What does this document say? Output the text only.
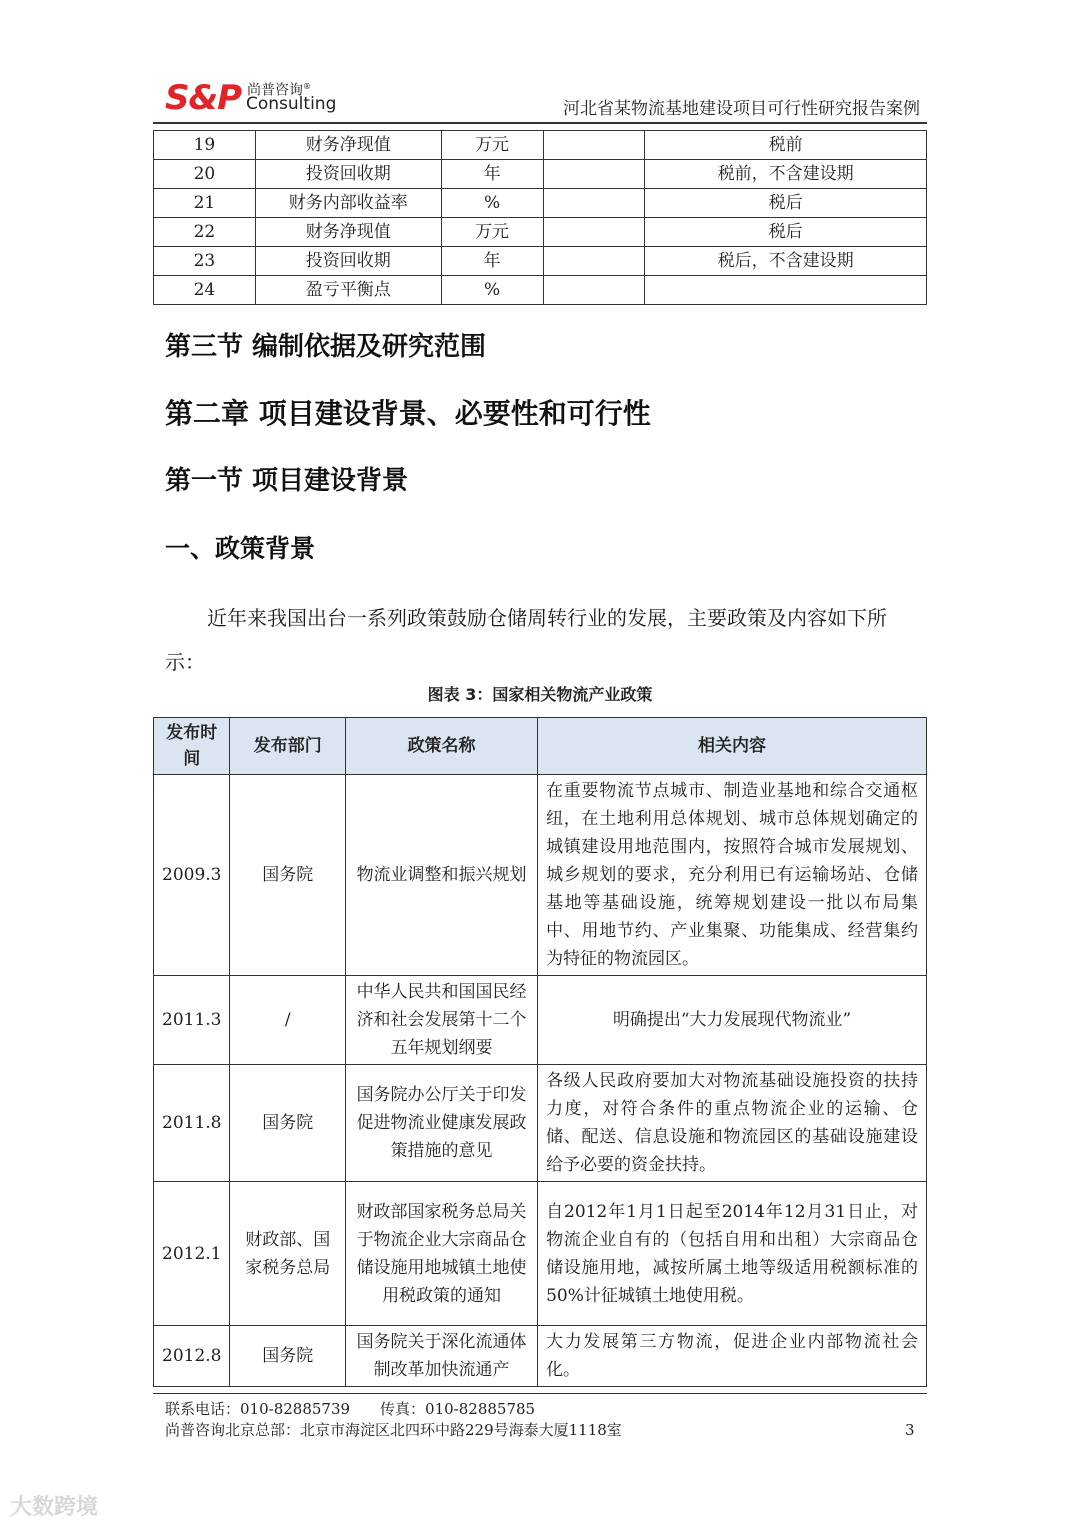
S&P 尚普咨询®
Consulting	河北省某物流基地建设项目可行性研究报告案例
19	财务净现值	万元		税前
20	投资回收期	年		税前，不含建设期
21	财务内部收益率	%		税后
22	财务净现值	万元		税后
23	投资回收期	年		税后，不含建设期
24	盈亏平衡点	%		
第三节 编制依据及研究范围
第二章 项目建设背景、必要性和可行性
第一节 项目建设背景
一、政策背景
近年来我国出台一系列政策鼓励仓储周转行业的发展，主要政策及内容如下所示：
图表 3：国家相关物流产业政策
发布时间	发布部门	政策名称	相关内容
2009.3	国务院	物流业调整和振兴规划	在重要物流节点城市、制造业基地和综合交通枢纽，在土地利用总体规划、城市总体规划确定的城镇建设用地范围内，按照符合城市发展规划、城乡规划的要求，充分利用已有运输场站、仓储基地等基础设施，统筹规划建设一批以布局集中、用地节约、产业集聚、功能集成、经营集约为特征的物流园区。
2011.3	/	中华人民共和国国民经济和社会发展第十二个五年规划纲要	明确提出“大力发展现代物流业”
2011.8	国务院	国务院办公厅关于印发促进物流业健康发展政策措施的意见	各级人民政府要加大对物流基础设施投资的扶持力度，对符合条件的重点物流企业的运输、仓储、配送、信息设施和物流园区的基础设施建设给予必要的资金扶持。
2012.1	财政部、国家税务总局	财政部国家税务总局关于物流企业大宗商品仓储设施用地城镇土地使用税政策的通知	自2012年1月1日起至2014年12月31日止，对物流企业自有的（包括自用和出租）大宗商品仓储设施用地，减按所属土地等级适用税额标准的50%计征城镇土地使用税。
2012.8	国务院	国务院关于深化流通体制改革加快流通产	大力发展第三方物流，促进企业内部物流社会化。
联系电话：010-82885739　　传真：010-82885785
尚普咨询北京总部：北京市海淀区北四环中路229号海泰大厦1118室	3
大数跨境
